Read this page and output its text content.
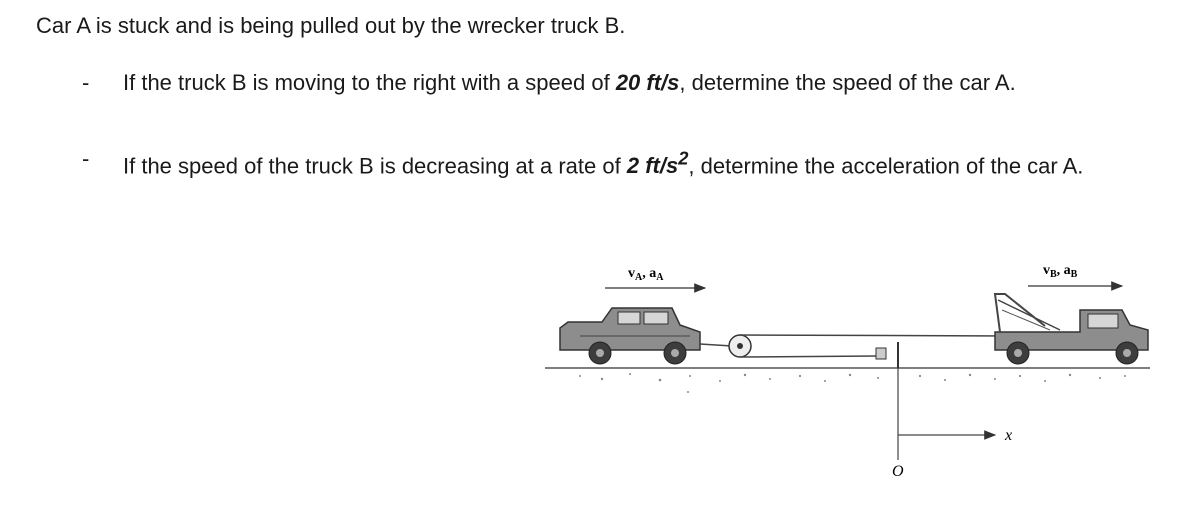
Car A is stuck and is being pulled out by the wrecker truck B.
- If the truck B is moving to the right with a speed of 20 ft/s, determine the speed of the car A.
- If the speed of the truck B is decreasing at a rate of 2 $ft/s^2$, determine the acceleration of the car A.
$v_A$, $a_A$	$v_B$, $a_B$
x
O
